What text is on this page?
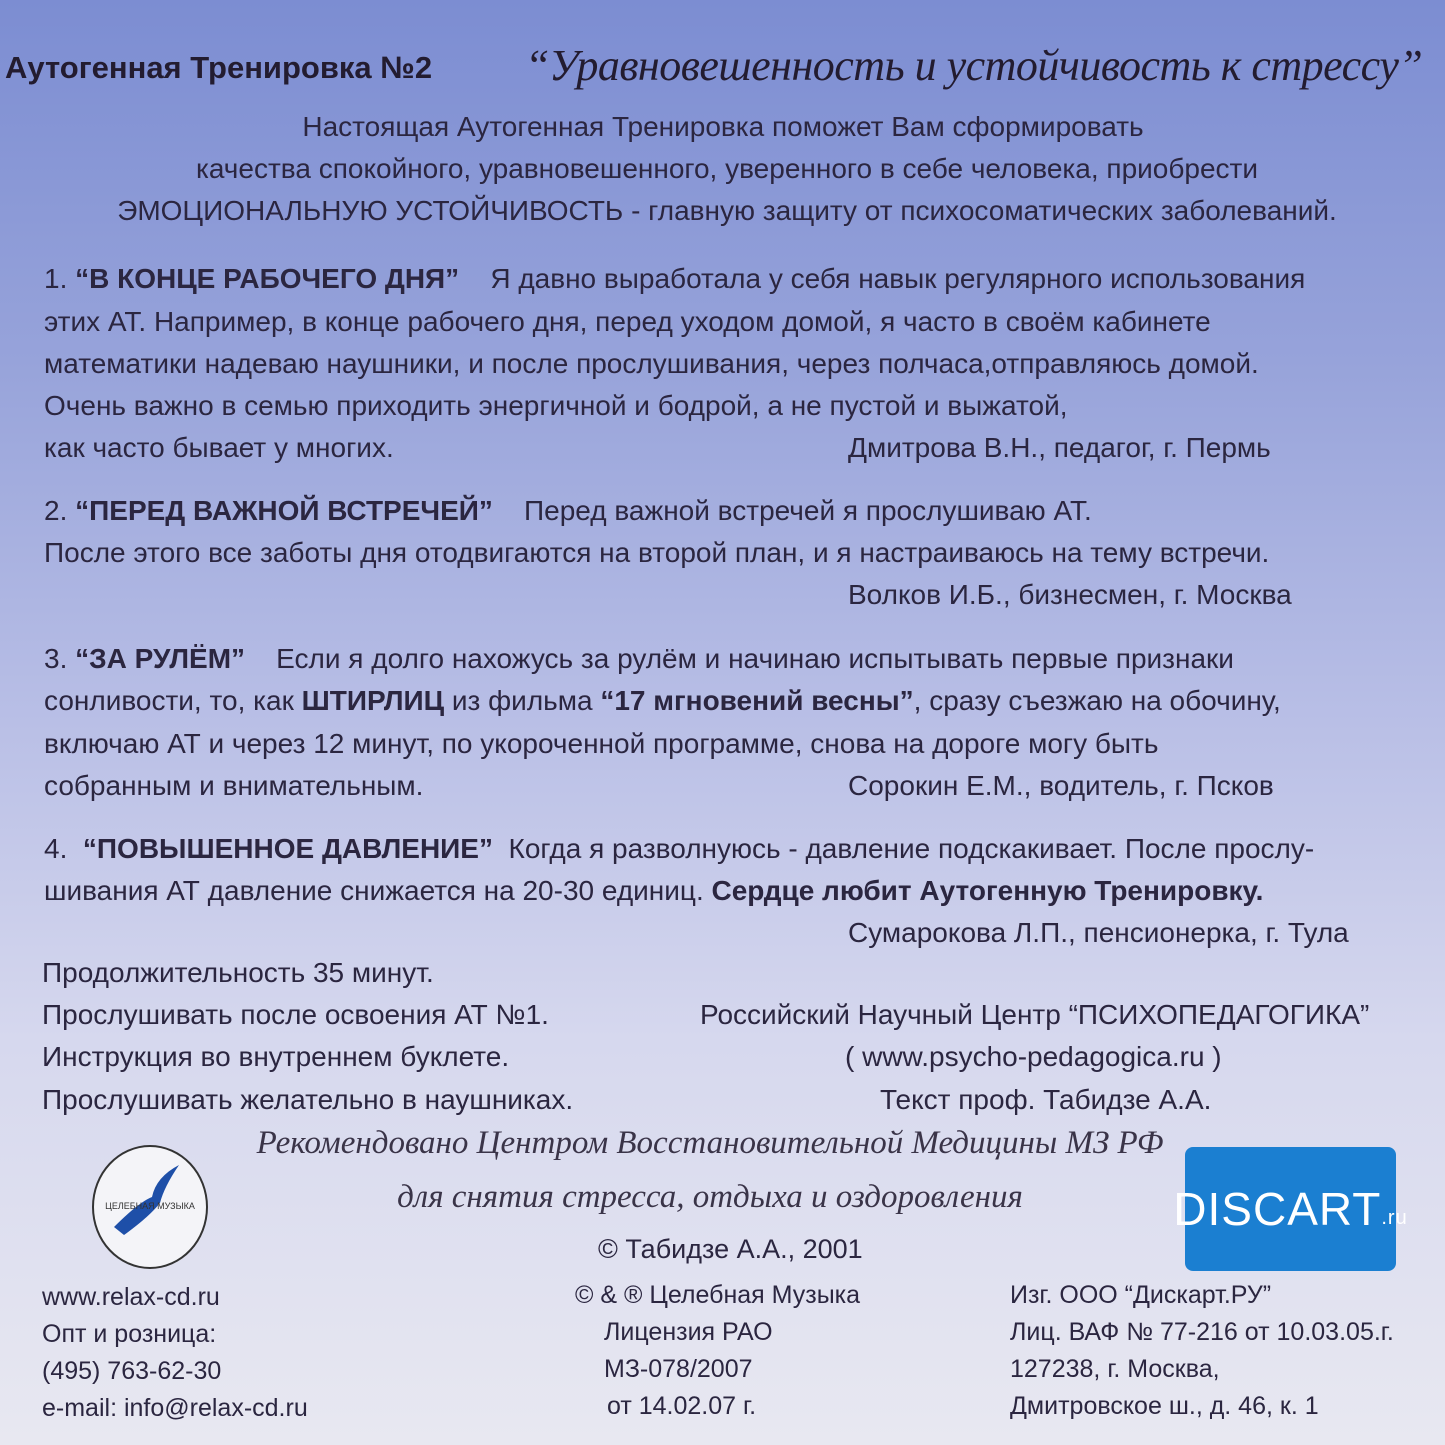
Аутогенная Тренировка №2 “Уравновешенность и устойчивость к стрессу”
Настоящая Аутогенная Тренировка поможет Вам сформировать
качества спокойного, уравновешенного, уверенного в себе человека, приобрести
ЭМОЦИОНАЛЬНУЮ УСТОЙЧИВОСТЬ - главную защиту от психосоматических заболеваний.
1. “В КОНЦЕ РАБОЧЕГО ДНЯ” Я давно выработала у себя навык регулярного использования
этих АТ. Например, в конце рабочего дня, перед уходом домой, я часто в своём кабинете
математики надеваю наушники, и после прослушивания, через полчаса,отправляюсь домой.
Очень важно в семью приходить энергичной и бодрой, а не пустой и выжатой,
как часто бывает у многих.	Дмитрова В.Н., педагог, г. Пермь
2. “ПЕРЕД ВАЖНОЙ ВСТРЕЧЕЙ” Перед важной встречей я прослушиваю АТ.
После этого все заботы дня отодвигаются на второй план, и я настраиваюсь на тему встречи.
Волков И.Б., бизнесмен, г. Москва
3. “ЗА РУЛЁМ” Если я долго нахожусь за рулём и начинаю испытывать первые признаки
сонливости, то, как ШТИРЛИЦ из фильма “17 мгновений весны”, сразу съезжаю на обочину,
включаю АТ и через 12 минут, по укороченной программе, снова на дороге могу быть
собранным и внимательным.	Сорокин Е.М., водитель, г. Псков
4. “ПОВЫШЕННОЕ ДАВЛЕНИЕ” Когда я разволнуюсь - давление подскакивает. После прослу-
шивания АТ давление снижается на 20-30 единиц. Сердце любит Аутогенную Тренировку.
Сумарокова Л.П., пенсионерка, г. Тула
Продолжительность 35 минут.
Прослушивать после освоения АТ №1.
Инструкция во внутреннем буклете.
Прослушивать желательно в наушниках.
Российский Научный Центр “ПСИХОПЕДАГОГИКА”
( www.psycho-pedagogica.ru )
Текст проф. Табидзе А.А.
Рекомендовано Центром Восстановительной Медицины МЗ РФ
для снятия стресса, отдыха и оздоровления
© Табидзе А.А., 2001
ЦЕЛЕБНАЯ МУЗЫКА	DISCART .ru
www.relax-cd.ru
Опт и розница:
(495) 763-62-30
e-mail: info@relax-cd.ru
© & ® Целебная Музыка
Лицензия РАО
МЗ-078/2007
от 14.02.07 г.
Изг. ООО “Дискарт.РУ”
Лиц. ВАФ № 77-216 от 10.03.05.г.
127238, г. Москва,
Дмитровское ш., д. 46, к. 1
